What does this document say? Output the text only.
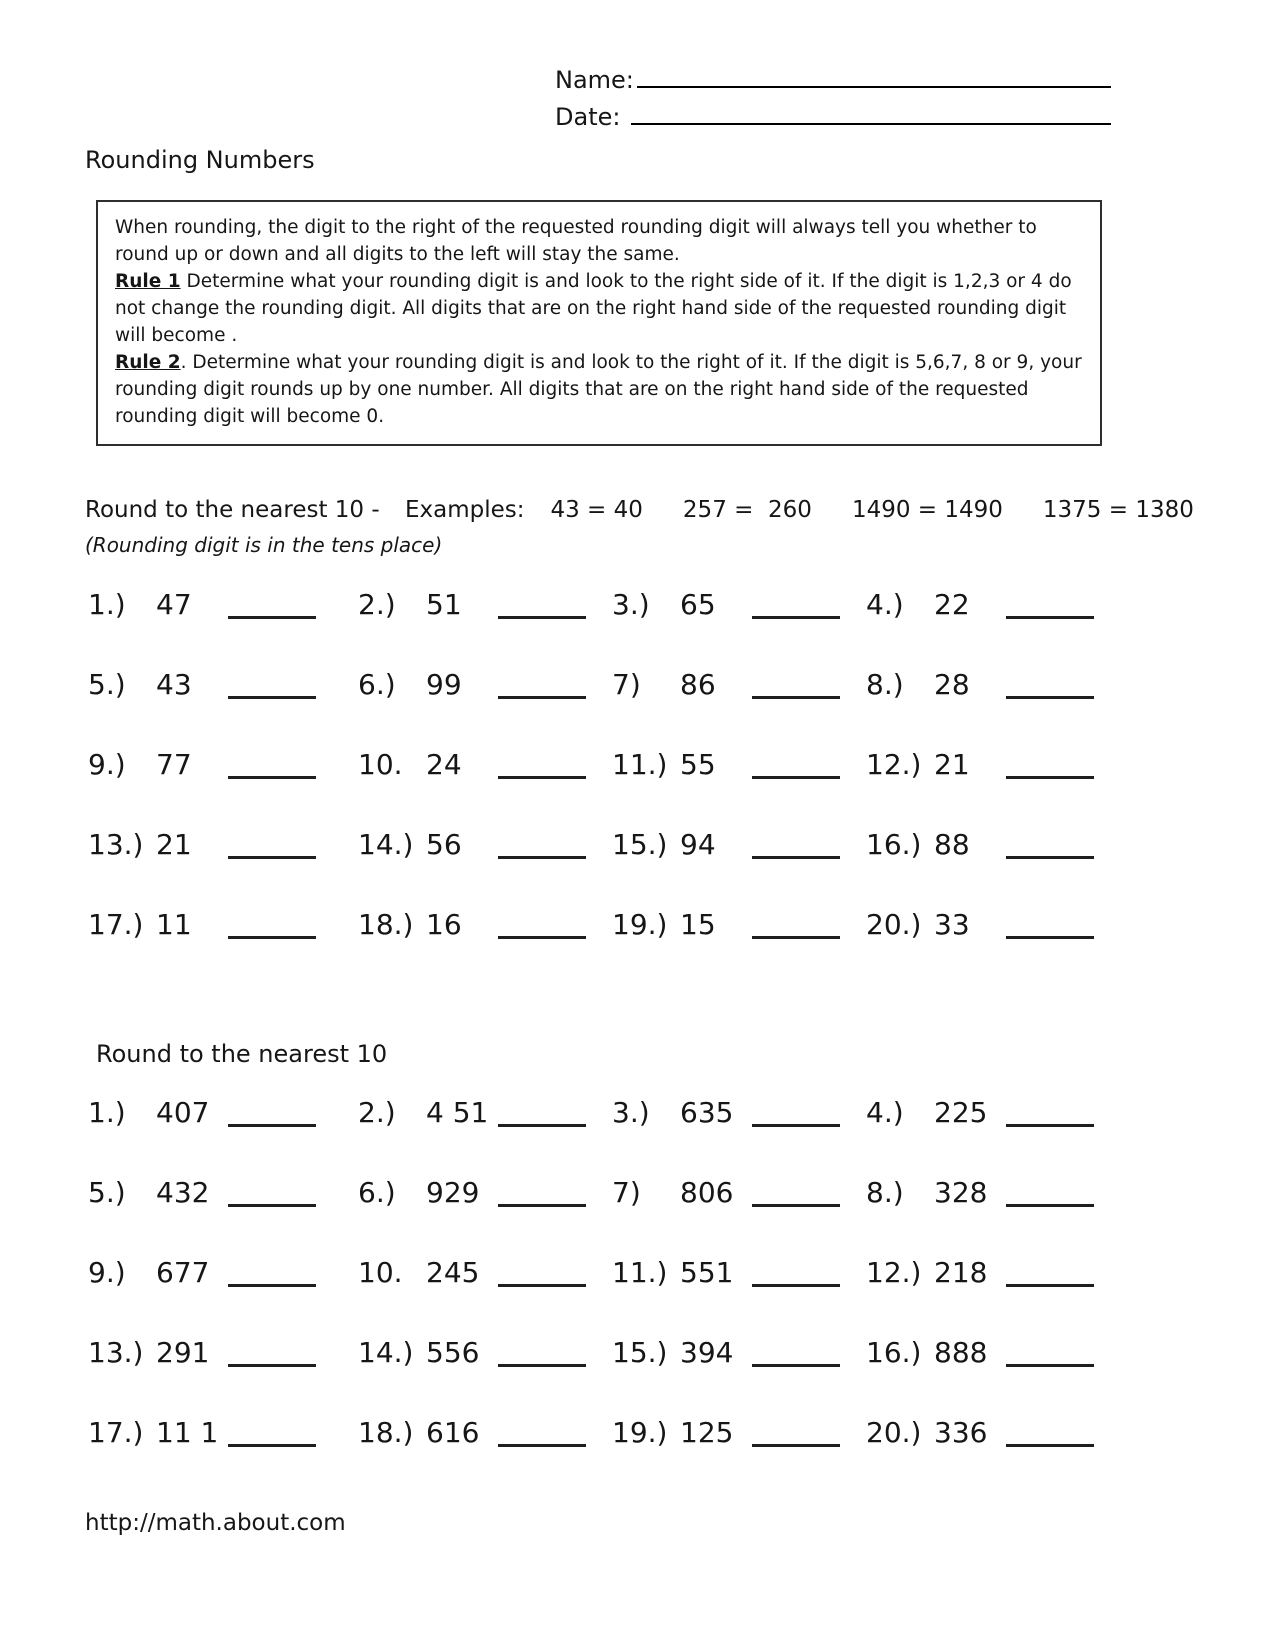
Name:
Date:
Rounding Numbers

When rounding, the digit to the right of the requested rounding digit will always tell you whether to round up or down and all digits to the left will stay the same.

Rule 1 Determine what your rounding digit is and look to the right side of it. If the digit is 1,2,3 or 4 do not change the rounding digit. All digits that are on the right hand side of the requested rounding digit will become .

Rule 2. Determine what your rounding digit is and look to the right of it. If the digit is 5,6,7, 8 or 9, your rounding digit rounds up by one number. All digits that are on the right hand side of the requested rounding digit will become 0.

Round to the nearest 10 - Examples: 43 = 40 257 =  260 1490 = 1490 1375 = 1380
(Rounding digit is in the tens place)
1.)	47	2.)	51	3.)	65	4.)	22
5.)	43	6.)	99	7)	86	8.)	28
9.)	77	10. 24	11.) 55	12.) 21
13.) 21	14.) 56	15.) 94	16.) 88
17.) 11	18.) 16	19.) 15	20.) 33
Round to the nearest 10
1.)	407	2.)	4 51	3.)	635	4.)	225
5.)	432	6.)	929	7)	806	8.)	328
9.)	677	10. 245	11.) 551	12.) 218
13.) 291	14.) 556	15.) 394	16.) 888
17.) 11 1	18.) 616	19.) 125	20.) 336
http://math.about.com
